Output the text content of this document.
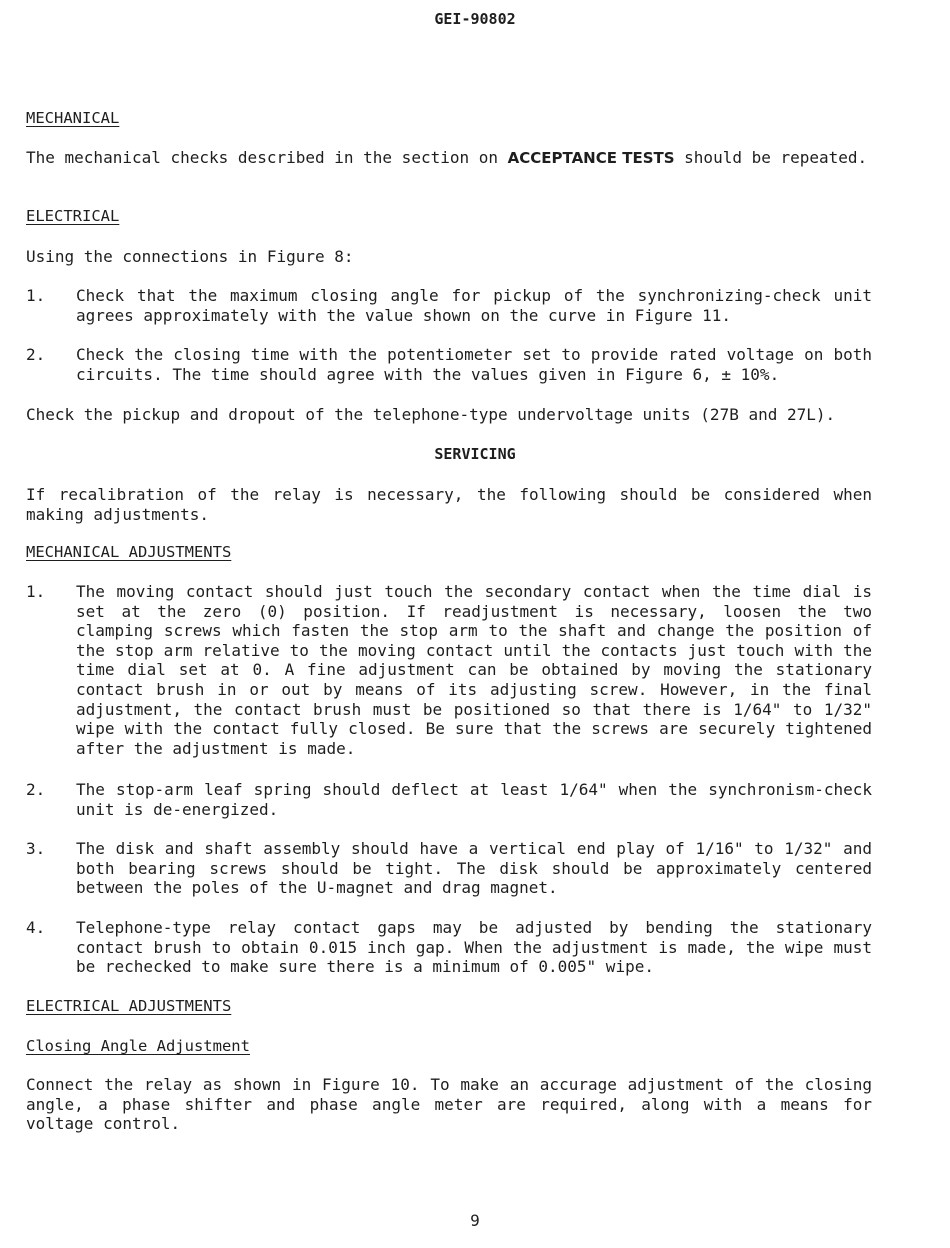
GEI-90802
MECHANICAL
The mechanical checks described in the section on ACCEPTANCE TESTS should be repeated.
ELECTRICAL
Using the connections in Figure 8:
1. Check that the maximum closing angle for pickup of the synchronizing-check unit agrees approximately with the value shown on the curve in Figure 11.
2. Check the closing time with the potentiometer set to provide rated voltage on both circuits. The time should agree with the values given in Figure 6, ± 10%.
Check the pickup and dropout of the telephone-type undervoltage units (27B and 27L).
SERVICING
If recalibration of the relay is necessary, the following should be considered when making adjustments.
MECHANICAL ADJUSTMENTS
1. The moving contact should just touch the secondary contact when the time dial is set at the zero (0) position. If readjustment is necessary, loosen the two clamping screws which fasten the stop arm to the shaft and change the position of the stop arm relative to the moving contact until the contacts just touch with the time dial set at 0. A fine adjustment can be obtained by moving the stationary contact brush in or out by means of its adjusting screw. However, in the final adjustment, the contact brush must be positioned so that there is 1/64" to 1/32" wipe with the contact fully closed. Be sure that the screws are securely tightened after the adjustment is made.
2. The stop-arm leaf spring should deflect at least 1/64" when the synchronism-check unit is de-energized.
3. The disk and shaft assembly should have a vertical end play of 1/16" to 1/32" and both bearing screws should be tight. The disk should be approximately centered between the poles of the U-magnet and drag magnet.
4. Telephone-type relay contact gaps may be adjusted by bending the stationary contact brush to obtain 0.015 inch gap. When the adjustment is made, the wipe must be rechecked to make sure there is a minimum of 0.005" wipe.
ELECTRICAL ADJUSTMENTS
Closing Angle Adjustment
Connect the relay as shown in Figure 10. To make an accurage adjustment of the closing angle, a phase shifter and phase angle meter are required, along with a means for voltage control.
9
